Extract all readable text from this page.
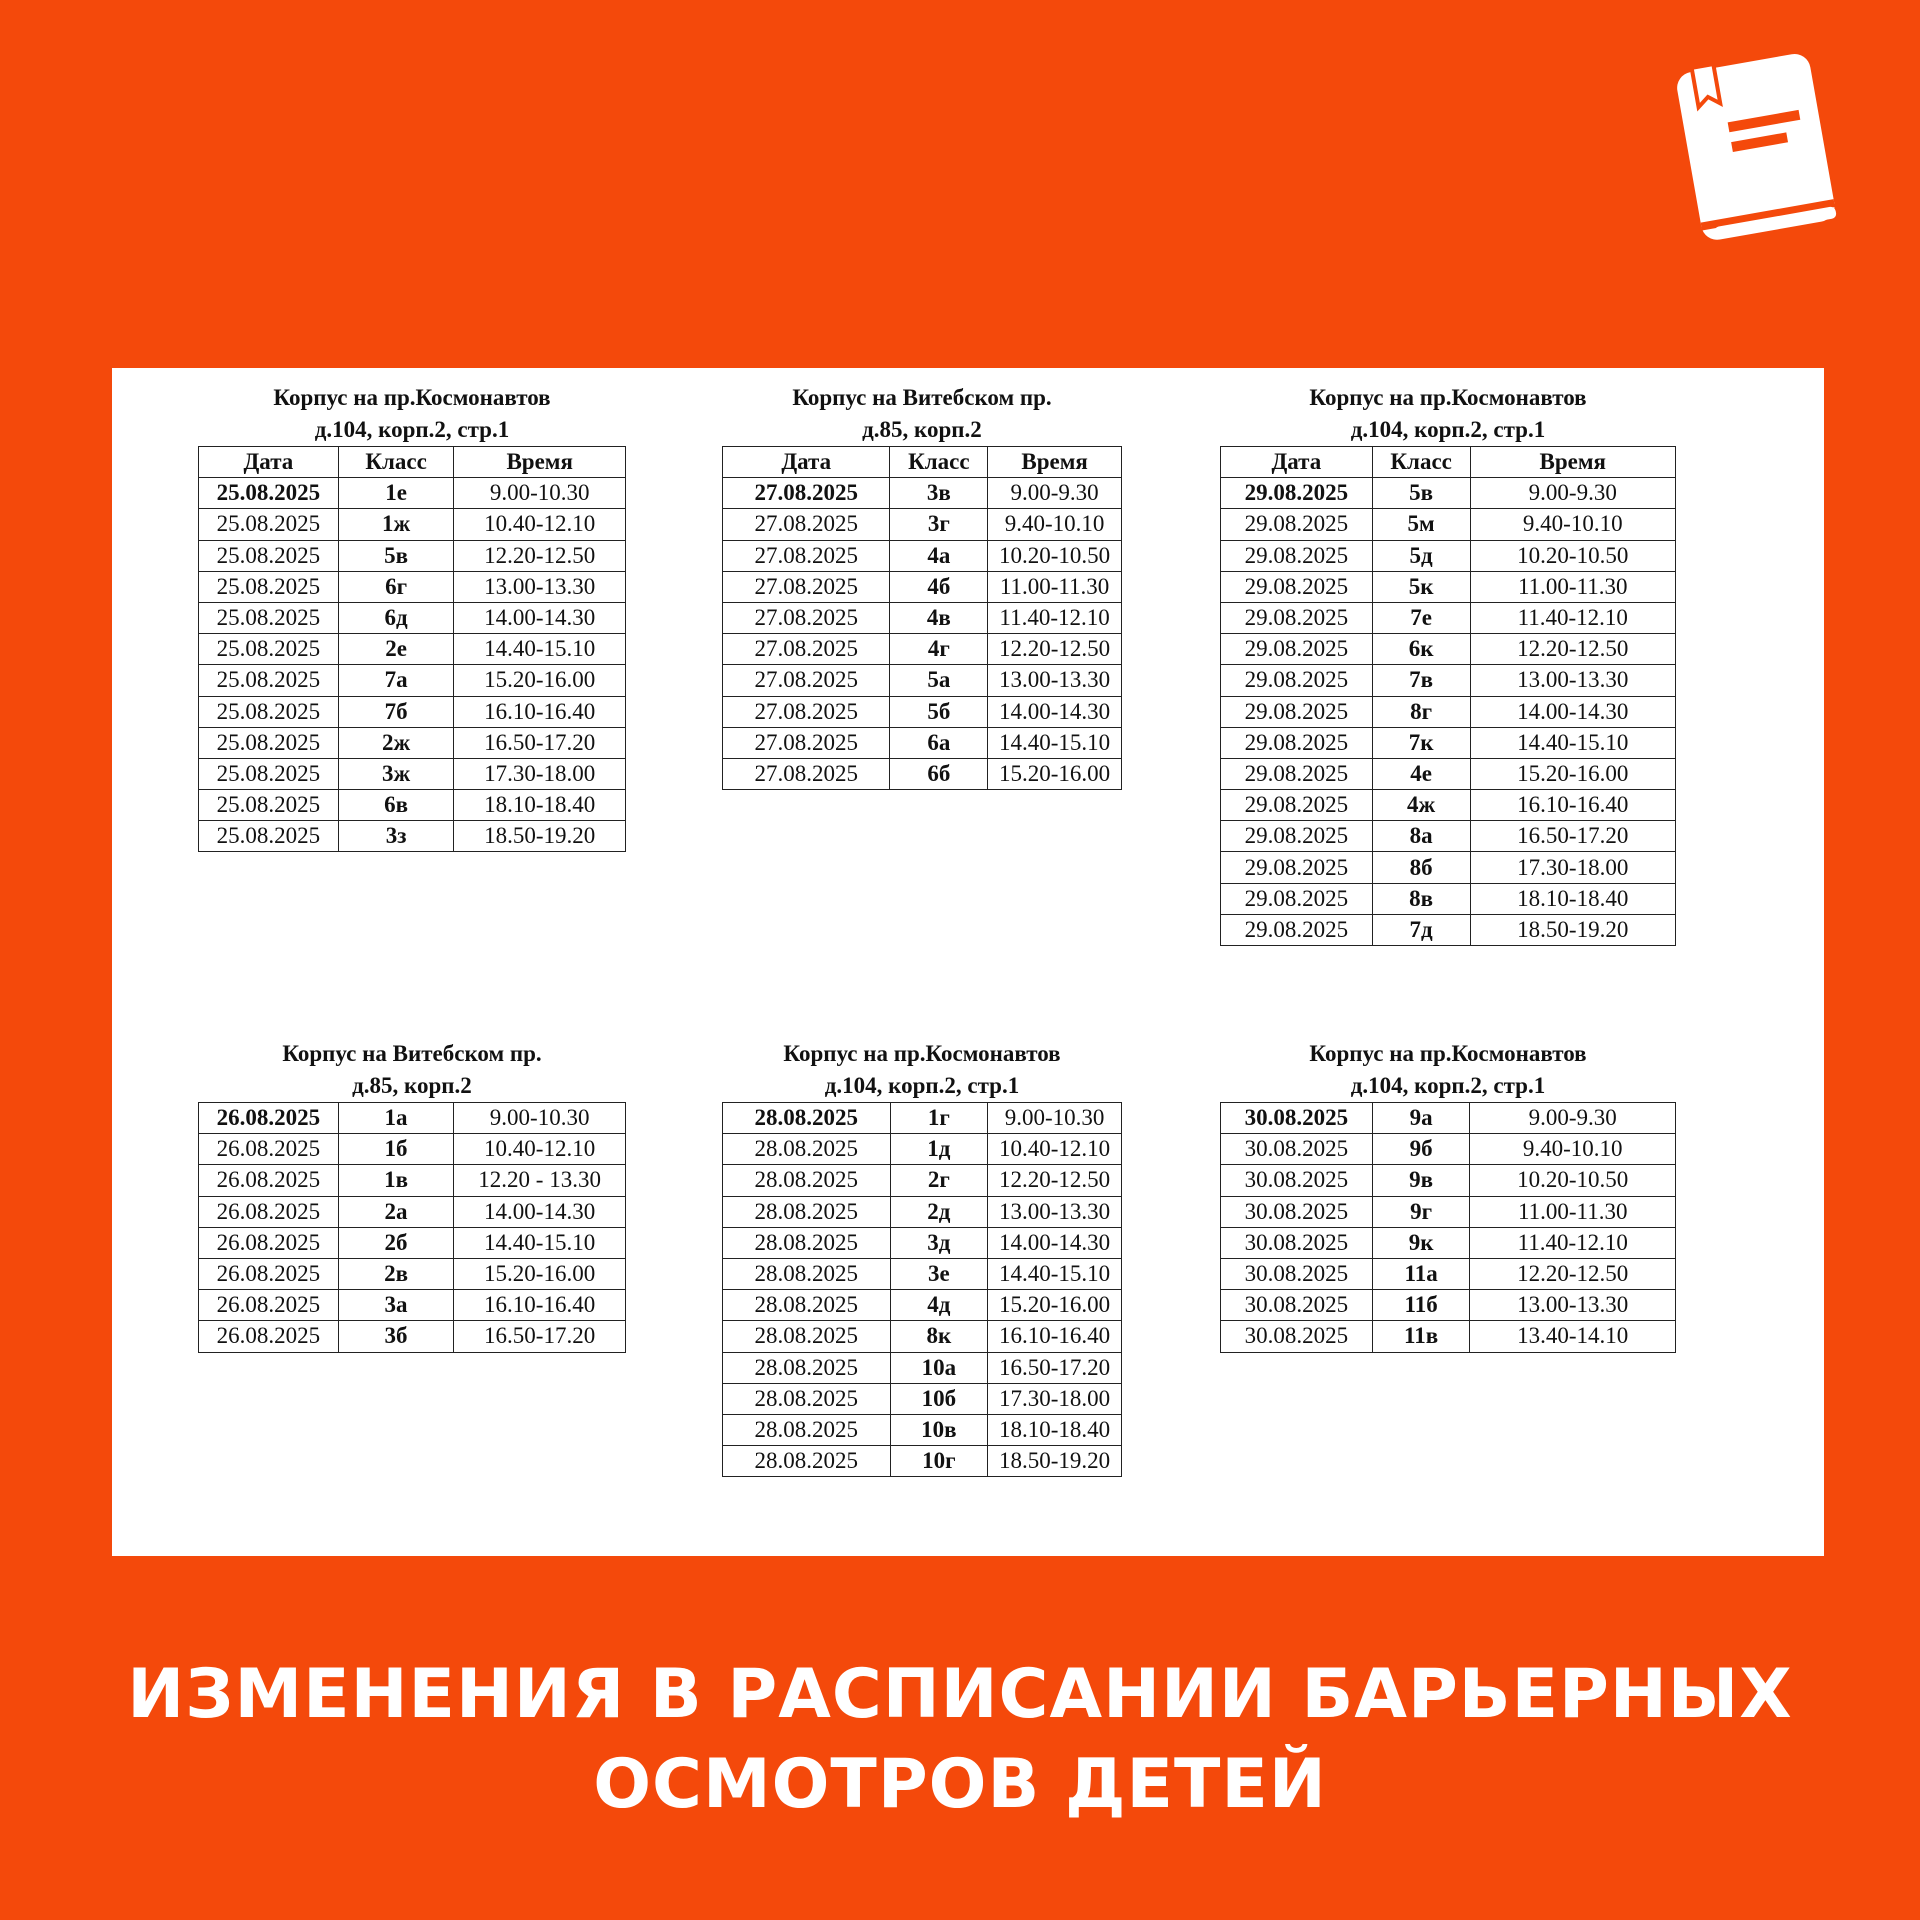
Корпус на пр.Космонавтов
д.104, корп.2, стр.1
Дата	Класс	Время
25.08.2025	1е	9.00-10.30
25.08.2025	1ж	10.40-12.10
25.08.2025	5в	12.20-12.50
25.08.2025	6г	13.00-13.30
25.08.2025	6д	14.00-14.30
25.08.2025	2е	14.40-15.10
25.08.2025	7а	15.20-16.00
25.08.2025	7б	16.10-16.40
25.08.2025	2ж	16.50-17.20
25.08.2025	3ж	17.30-18.00
25.08.2025	6в	18.10-18.40
25.08.2025	3з	18.50-19.20
Корпус на Витебском пр.
д.85, корп.2
Дата	Класс	Время
27.08.2025	3в	9.00-9.30
27.08.2025	3г	9.40-10.10
27.08.2025	4а	10.20-10.50
27.08.2025	4б	11.00-11.30
27.08.2025	4в	11.40-12.10
27.08.2025	4г	12.20-12.50
27.08.2025	5а	13.00-13.30
27.08.2025	5б	14.00-14.30
27.08.2025	6а	14.40-15.10
27.08.2025	6б	15.20-16.00
Корпус на пр.Космонавтов
д.104, корп.2, стр.1
Дата	Класс	Время
29.08.2025	5в	9.00-9.30
29.08.2025	5м	9.40-10.10
29.08.2025	5д	10.20-10.50
29.08.2025	5к	11.00-11.30
29.08.2025	7е	11.40-12.10
29.08.2025	6к	12.20-12.50
29.08.2025	7в	13.00-13.30
29.08.2025	8г	14.00-14.30
29.08.2025	7к	14.40-15.10
29.08.2025	4е	15.20-16.00
29.08.2025	4ж	16.10-16.40
29.08.2025	8а	16.50-17.20
29.08.2025	8б	17.30-18.00
29.08.2025	8в	18.10-18.40
29.08.2025	7д	18.50-19.20
Корпус на Витебском пр.
д.85, корп.2
26.08.2025	1а	9.00-10.30
26.08.2025	1б	10.40-12.10
26.08.2025	1в	12.20 - 13.30
26.08.2025	2а	14.00-14.30
26.08.2025	2б	14.40-15.10
26.08.2025	2в	15.20-16.00
26.08.2025	3а	16.10-16.40
26.08.2025	3б	16.50-17.20
Корпус на пр.Космонавтов
д.104, корп.2, стр.1
28.08.2025	1г	9.00-10.30
28.08.2025	1д	10.40-12.10
28.08.2025	2г	12.20-12.50
28.08.2025	2д	13.00-13.30
28.08.2025	3д	14.00-14.30
28.08.2025	3е	14.40-15.10
28.08.2025	4д	15.20-16.00
28.08.2025	8к	16.10-16.40
28.08.2025	10а	16.50-17.20
28.08.2025	10б	17.30-18.00
28.08.2025	10в	18.10-18.40
28.08.2025	10г	18.50-19.20
Корпус на пр.Космонавтов
д.104, корп.2, стр.1
30.08.2025	9а	9.00-9.30
30.08.2025	9б	9.40-10.10
30.08.2025	9в	10.20-10.50
30.08.2025	9г	11.00-11.30
30.08.2025	9к	11.40-12.10
30.08.2025	11а	12.20-12.50
30.08.2025	11б	13.00-13.30
30.08.2025	11в	13.40-14.10
ИЗМЕНЕНИЯ В РАСПИСАНИИ БАРЬЕРНЫХ
ОСМОТРОВ ДЕТЕЙ
